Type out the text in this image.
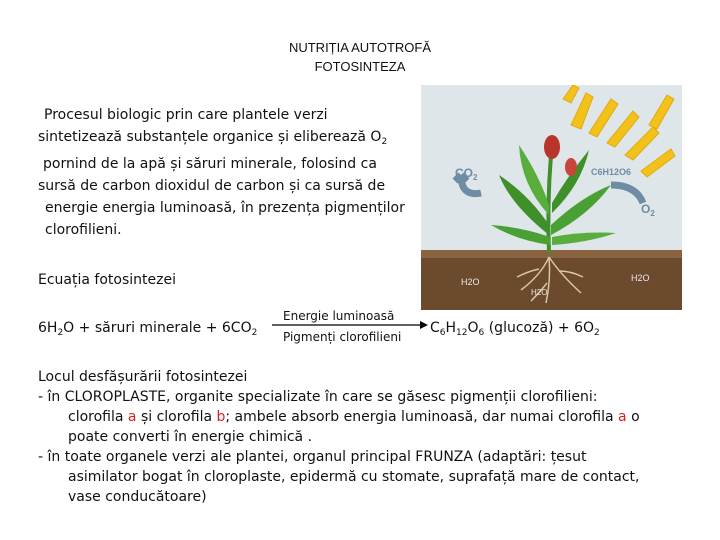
NUTRIȚIA AUTOTROFĂ
FOTOSINTEZA
Procesul biologic prin care plantele verzi
sintetizează substanțele organice și eliberează $O_2$
pornind de la apă și săruri minerale, folosind ca
sursă de carbon dioxidul de carbon și ca sursă de
energie energia luminoasă, în prezența pigmenților
clorofilieni.
$CO_2$
$O_2$
C6H12O6
H2O
H2O
H2O
Ecuația fotosintezei
$6H_2O$ + săruri minerale + $6CO_2$
Energie luminoasă
Pigmenți clorofilieni
$C_6H_{12}O_6$ (glucoză) + $6O_2$
Locul desfășurării fotosintezei
- în CLOROPLASTE, organite specializate în care se găsesc pigmenții clorofilieni:
clorofila a și clorofila b; ambele absorb energia luminoasă, dar numai clorofila a o
poate converti în energie chimică .
- în toate organele verzi ale plantei, organul principal FRUNZA (adaptări: țesut
asimilator bogat în cloroplaste, epidermă cu stomate, suprafață mare de contact,
vase conducătoare)
